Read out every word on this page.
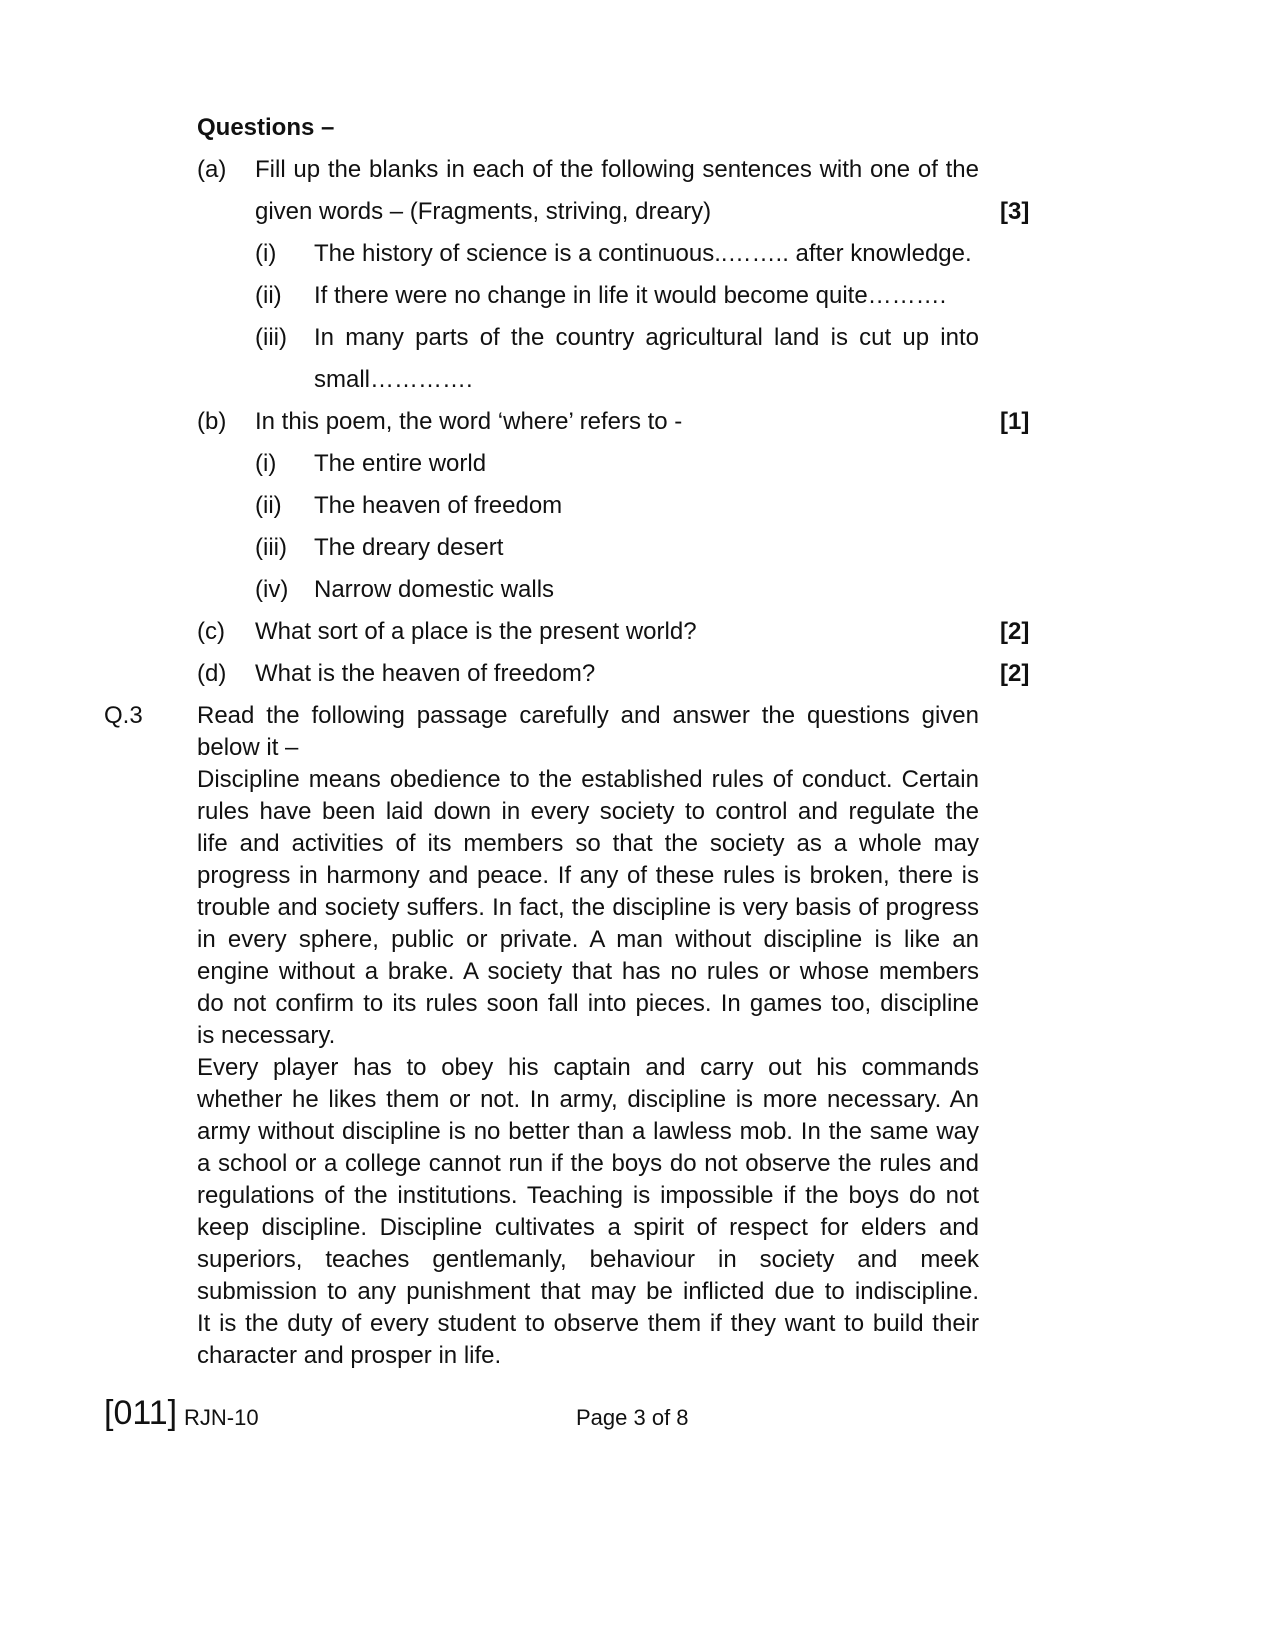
Questions –
(a) Fill up the blanks in each of the following sentences with one of the
given words – (Fragments, striving, dreary)	[3]
(i) The history of science is a continuous..…….. after knowledge.
(ii) If there were no change in life it would become quite……….
(iii) In many parts of the country agricultural land is cut up into
small………….
(b) In this poem, the word ‘where’ refers to -	[1]
(i) The entire world
(ii) The heaven of freedom
(iii) The dreary desert
(iv) Narrow domestic walls
(c) What sort of a place is the present world?	[2]
(d) What is the heaven of freedom?	[2]
Q.3 Read the following passage carefully and answer the questions given
below it –
Discipline means obedience to the established rules of conduct. Certain
rules have been laid down in every society to control and regulate the
life and activities of its members so that the society as a whole may
progress in harmony and peace. If any of these rules is broken, there is
trouble and society suffers. In fact, the discipline is very basis of progress
in every sphere, public or private. A man without discipline is like an
engine without a brake. A society that has no rules or whose members
do not confirm to its rules soon fall into pieces. In games too, discipline
is necessary.
Every player has to obey his captain and carry out his commands
whether he likes them or not. In army, discipline is more necessary. An
army without discipline is no better than a lawless mob. In the same way
a school or a college cannot run if the boys do not observe the rules and
regulations of the institutions. Teaching is impossible if the boys do not
keep discipline. Discipline cultivates a spirit of respect for elders and
superiors, teaches gentlemanly, behaviour in society and meek
submission to any punishment that may be inflicted due to indiscipline.
It is the duty of every student to observe them if they want to build their
character and prosper in life.
[011] RJN-10	Page 3 of 8
